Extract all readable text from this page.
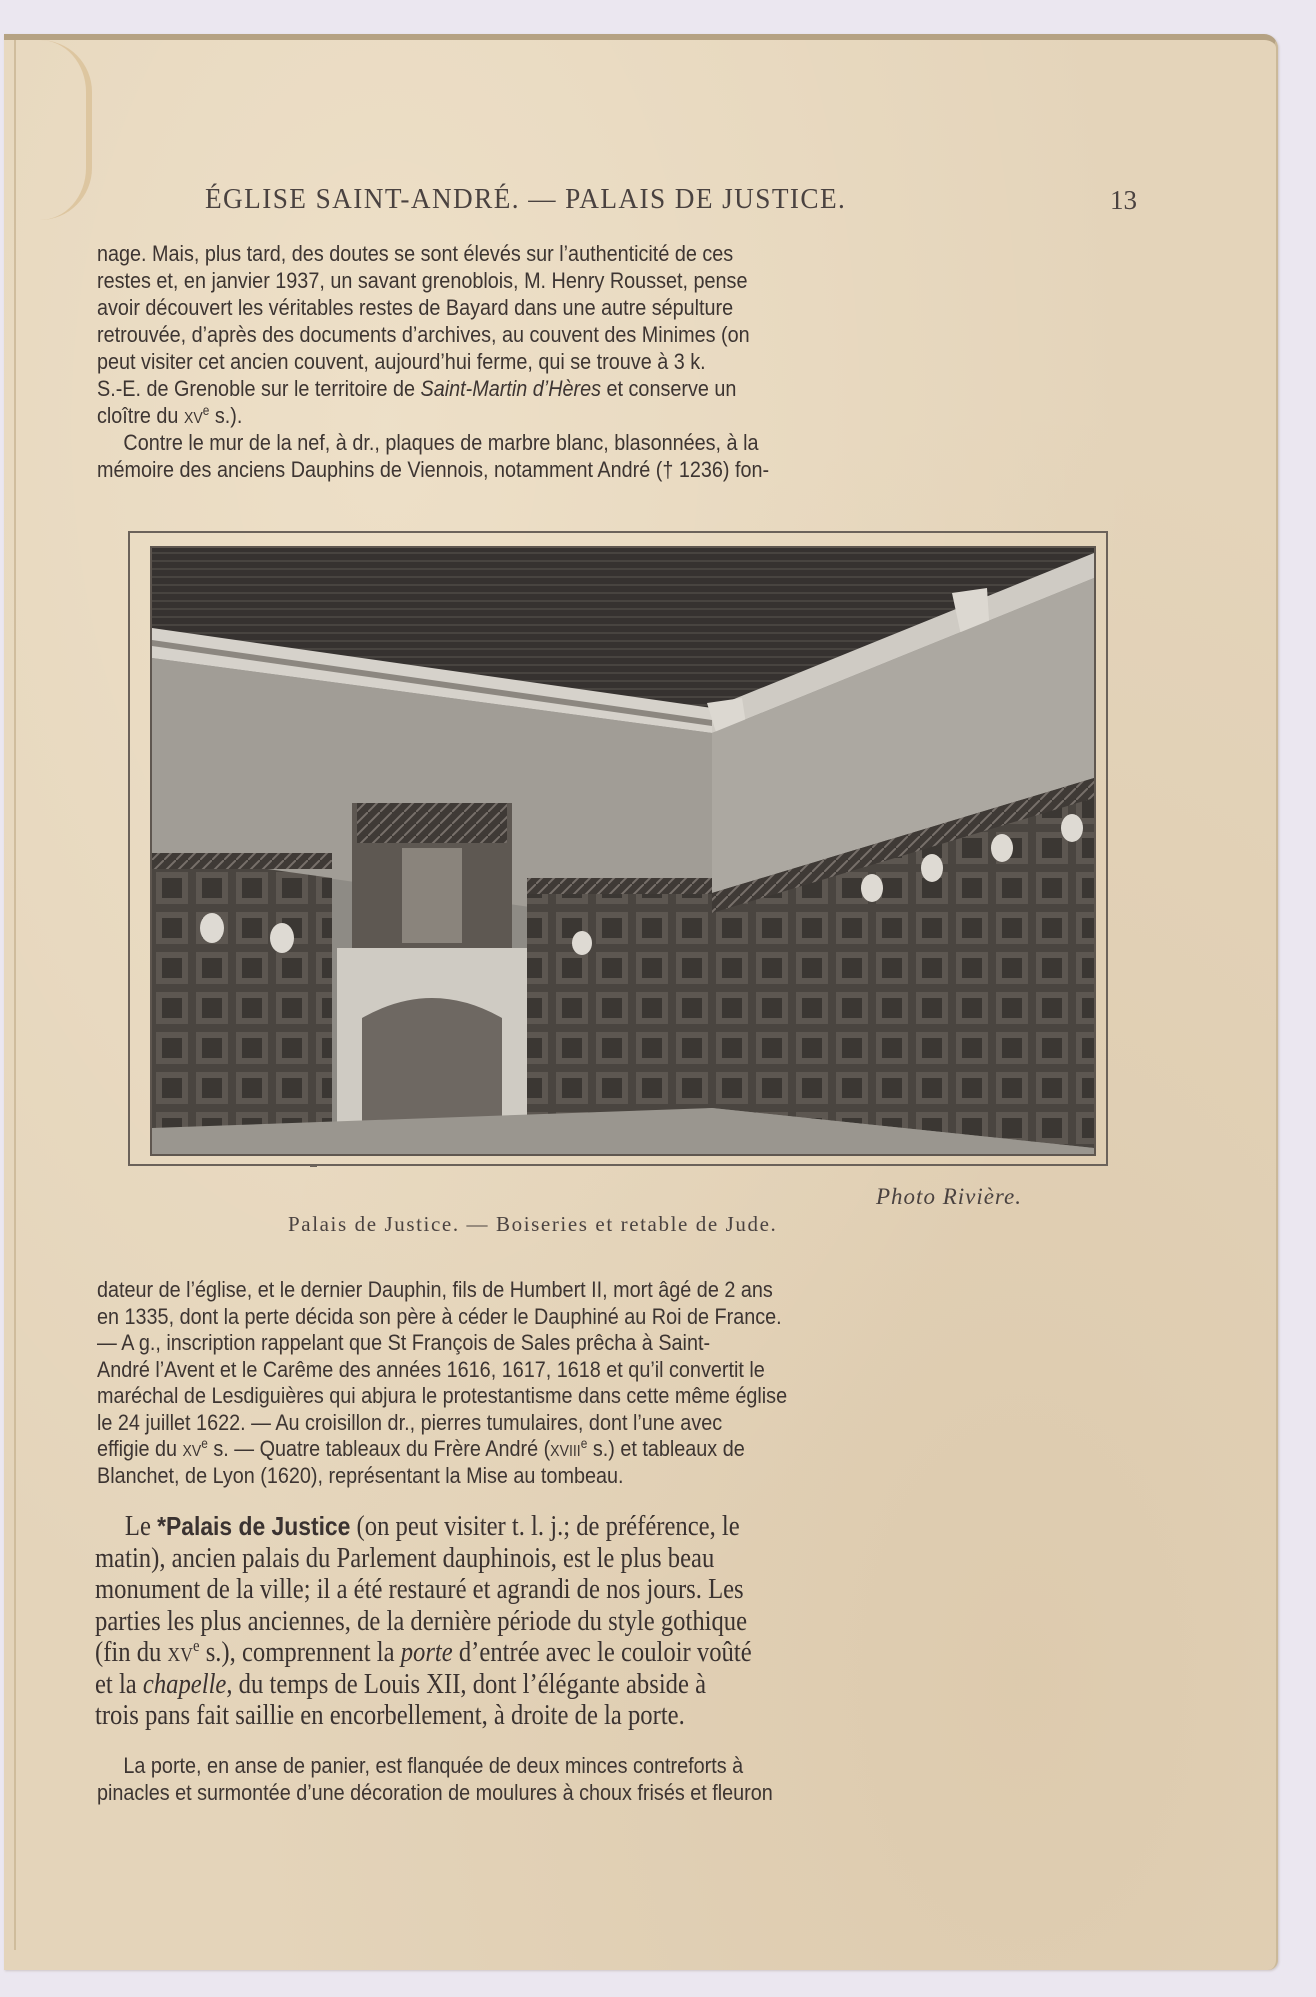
ÉGLISE SAINT-ANDRÉ. — PALAIS DE JUSTICE.	13
nage. Mais, plus tard, des doutes se sont élevés sur l’authenticité de ces
restes et, en janvier 1937, un savant grenoblois, M. Henry Rousset, pense
avoir découvert les véritables restes de Bayard dans une autre sépulture
retrouvée, d’après des documents d’archives, au couvent des Minimes (on
peut visiter cet ancien couvent, aujourd’hui ferme, qui se trouve à 3 k.
S.-E. de Grenoble sur le territoire de Saint-Martin d’Hères et conserve un
cloître du $xv^e$ s.).
Contre le mur de la nef, à dr., plaques de marbre blanc, blasonnées, à la
mémoire des anciens Dauphins de Viennois, notamment André († 1236) fon-
Photo Rivière.
Palais de Justice. — Boiseries et retable de Jude.
dateur de l’église, et le dernier Dauphin, fils de Humbert II, mort âgé de 2 ans
en 1335, dont la perte décida son père à céder le Dauphiné au Roi de France.
— A g., inscription rappelant que St François de Sales prêcha à Saint-
André l’Avent et le Carême des années 1616, 1617, 1618 et qu’il convertit le
maréchal de Lesdiguières qui abjura le protestantisme dans cette même église
le 24 juillet 1622. — Au croisillon dr., pierres tumulaires, dont l’une avec
effigie du $xv^e$ s. — Quatre tableaux du Frère André (xviii$^e$ s.) et tableaux de
Blanchet, de Lyon (1620), représentant la Mise au tombeau.
Le *Palais de Justice (on peut visiter t. l. j.; de préférence, le
matin), ancien palais du Parlement dauphinois, est le plus beau
monument de la ville; il a été restauré et agrandi de nos jours. Les
parties les plus anciennes, de la dernière période du style gothique
(fin du $xv^e$ s.), comprennent la porte d’entrée avec le couloir voûté
et la chapelle, du temps de Louis XII, dont l’élégante abside à
trois pans fait saillie en encorbellement, à droite de la porte.
La porte, en anse de panier, est flanquée de deux minces contreforts à
pinacles et surmontée d’une décoration de moulures à choux frisés et fleuron
